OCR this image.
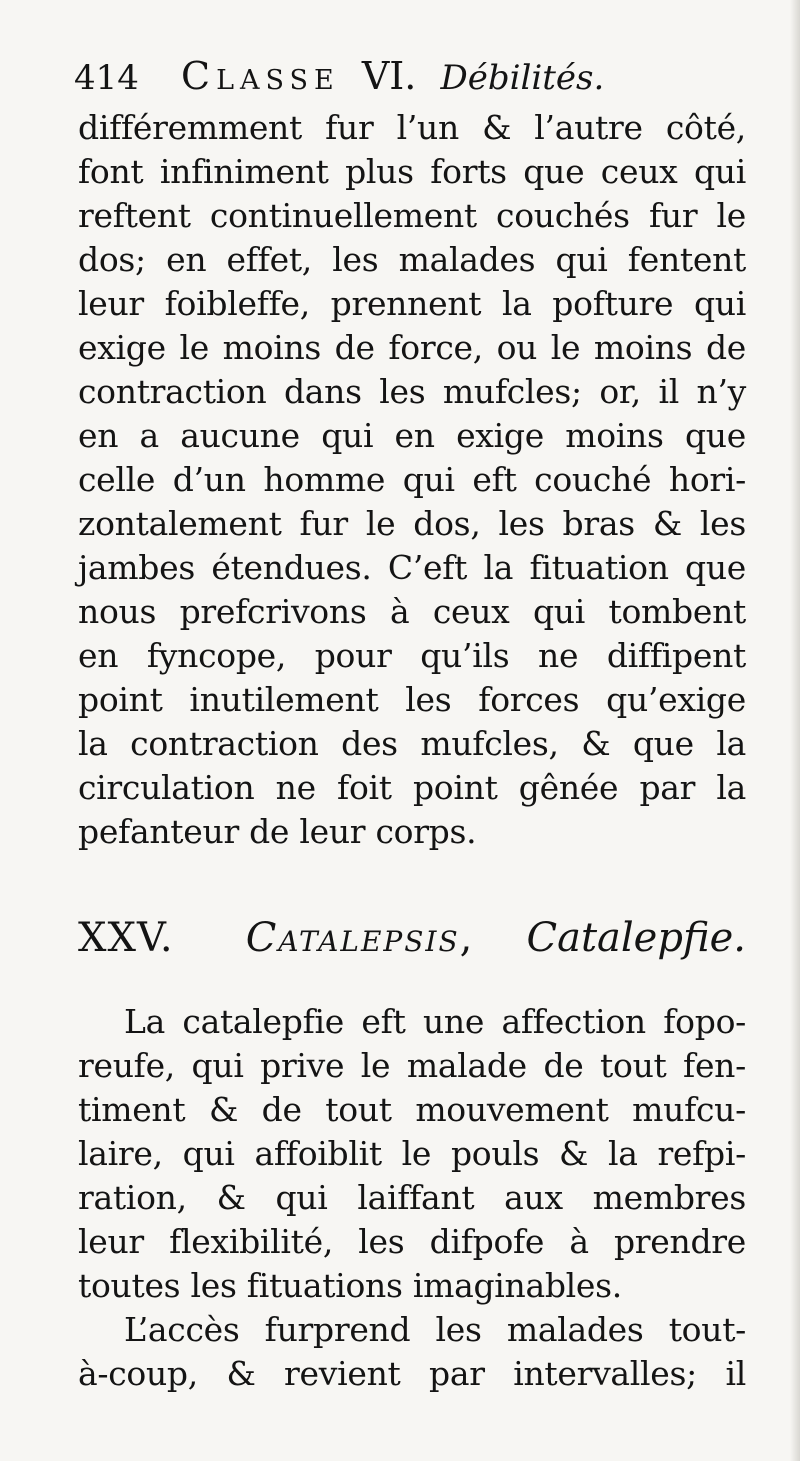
414 Classe VI. Débilités.
différemment fur l’un & l’autre côté,
font infiniment plus forts que ceux qui
reftent continuellement couchés fur le
dos; en effet, les malades qui fentent
leur foibleffe, prennent la pofture qui
exige le moins de force, ou le moins de
contraction dans les mufcles; or, il n’y
en a aucune qui en exige moins que
celle d’un homme qui eft couché hori-
zontalement fur le dos, les bras & les
jambes étendues. C’eft la fituation que
nous prefcrivons à ceux qui tombent
en fyncope, pour qu’ils ne diffipent
point inutilement les forces qu’exige
la contraction des mufcles, & que la
circulation ne foit point gênée par la
pefanteur de leur corps.
XXV. Catalepsis, Catalepfie.
La catalepfie eft une affection fopo-
reufe, qui prive le malade de tout fen-
timent & de tout mouvement mufcu-
laire, qui affoiblit le pouls & la refpi-
ration, & qui laiffant aux membres
leur flexibilité, les difpofe à prendre
toutes les fituations imaginables.
L’accès furprend les malades tout-
à-coup, & revient par intervalles; il
